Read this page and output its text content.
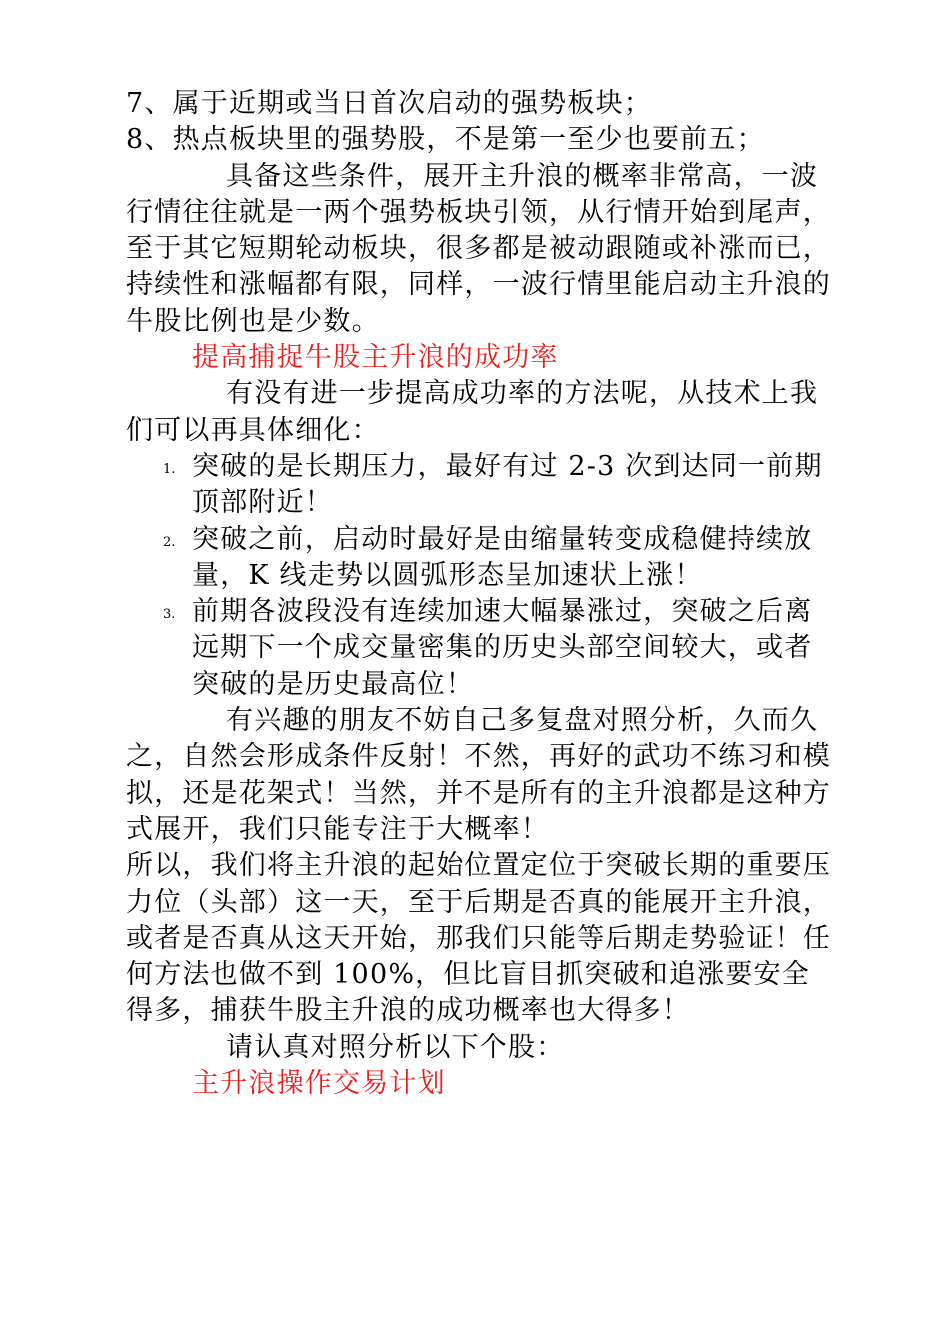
7、属于近期或当日首次启动的强势板块；

8、热点板块里的强势股，不是第一至少也要前五；

具备这些条件，展开主升浪的概率非常高，一波行情往往就是一两个强势板块引领，从行情开始到尾声，至于其它短期轮动板块，很多都是被动跟随或补涨而已，持续性和涨幅都有限，同样，一波行情里能启动主升浪的牛股比例也是少数。

提高捕捉牛股主升浪的成功率

有没有进一步提高成功率的方法呢，从技术上我们可以再具体细化：

1. 突破的是长期压力，最好有过 2-3 次到达同一前期顶部附近！
2. 突破之前，启动时最好是由缩量转变成稳健持续放量，K 线走势以圆弧形态呈加速状上涨！
3. 前期各波段没有连续加速大幅暴涨过，突破之后离远期下一个成交量密集的历史头部空间较大，或者突破的是历史最高位！

有兴趣的朋友不妨自己多复盘对照分析，久而久之，自然会形成条件反射！不然，再好的武功不练习和模拟，还是花架式！当然，并不是所有的主升浪都是这种方式展开，我们只能专注于大概率！

所以，我们将主升浪的起始位置定位于突破长期的重要压力位（头部）这一天，至于后期是否真的能展开主升浪，或者是否真从这天开始，那我们只能等后期走势验证！任何方法也做不到 100%，但比盲目抓突破和追涨要安全得多，捕获牛股主升浪的成功概率也大得多！

请认真对照分析以下个股：

主升浪操作交易计划
